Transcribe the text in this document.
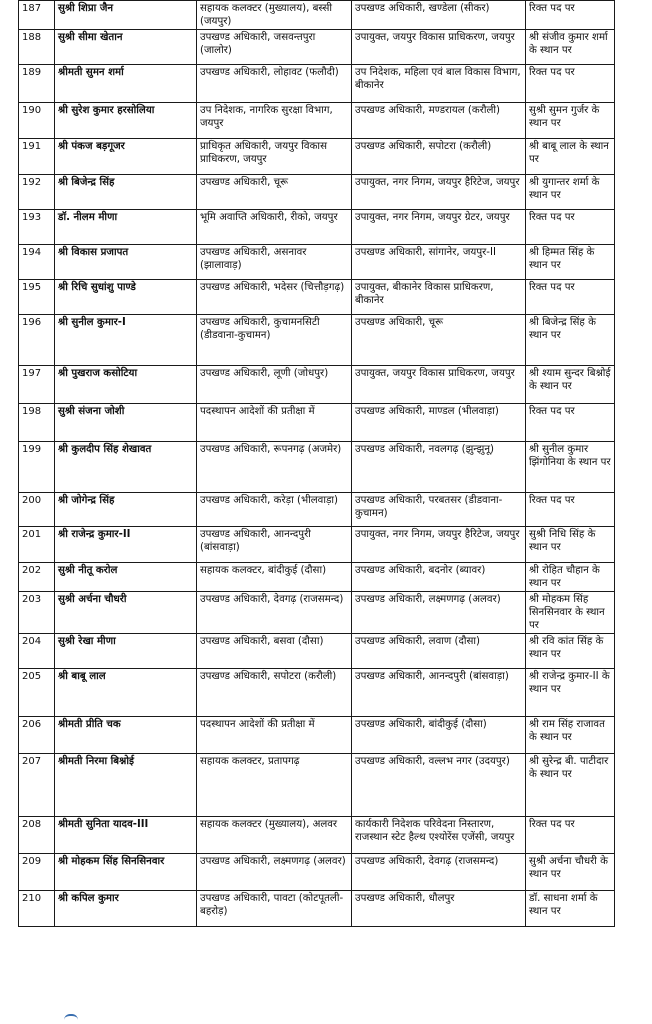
187	सुश्री शिप्रा जैन	सहायक कलक्टर (मुख्यालय), बस्सी (जयपुर)	उपखण्ड अधिकारी, खण्डेला (सीकर)	रिक्त पद पर
188	सुश्री सीमा खेतान	उपखण्ड अधिकारी, जसवन्तपुरा (जालोर)	उपायुक्त, जयपुर विकास प्राधिकरण, जयपुर	श्री संजीव कुमार शर्मा के स्थान पर
189	श्रीमती सुमन शर्मा	उपखण्ड अधिकारी, लोहावट (फलौदी)	उप निदेशक, महिला एवं बाल विकास विभाग, बीकानेर	रिक्त पद पर
190	श्री सुरेश कुमार हरसोलिया	उप निदेशक, नागरिक सुरक्षा विभाग, जयपुर	उपखण्ड अधिकारी, मण्डरायल (करौली)	सुश्री सुमन गुर्जर के स्थान पर
191	श्री पंकज बड़गूजर	प्राधिकृत अधिकारी, जयपुर विकास प्राधिकरण, जयपुर	उपखण्ड अधिकारी, सपोटरा (करौली)	श्री बाबू लाल के स्थान पर
192	श्री बिजेन्द्र सिंह	उपखण्ड अधिकारी, चूरू	उपायुक्त, नगर निगम, जयपुर हैरिटेज, जयपुर	श्री युगान्तर शर्मा के स्थान पर
193	डॉ. नीलम मीणा	भूमि अवाप्ति अधिकारी, रीको, जयपुर	उपायुक्त, नगर निगम, जयपुर ग्रेटर, जयपुर	रिक्त पद पर
194	श्री विकास प्रजापत	उपखण्ड अधिकारी, असनावर (झालावाड़)	उपखण्ड अधिकारी, सांगानेर, जयपुर-II	श्री हिम्मत सिंह के स्थान पर
195	श्री रिचि सुधांशु पाण्डे	उपखण्ड अधिकारी, भदेसर (चित्तौड़गढ़)	उपायुक्त, बीकानेर विकास प्राधिकरण, बीकानेर	रिक्त पद पर
196	श्री सुनील कुमार-I	उपखण्ड अधिकारी, कुचामनसिटी (डीडवाना-कुचामन)	उपखण्ड अधिकारी, चूरू	श्री बिजेन्द्र सिंह के स्थान पर
197	श्री पुखराज कसोटिया	उपखण्ड अधिकारी, लूणी (जोधपुर)	उपायुक्त, जयपुर विकास प्राधिकरण, जयपुर	श्री श्याम सुन्दर बिश्नोई के स्थान पर
198	सुश्री संजना जोशी	पदस्थापन आदेशों की प्रतीक्षा में	उपखण्ड अधिकारी, माण्डल (भीलवाड़ा)	रिक्त पद पर
199	श्री कुलदीप सिंह शेखावत	उपखण्ड अधिकारी, रूपनगढ़ (अजमेर)	उपखण्ड अधिकारी, नवलगढ़ (झुन्झुनू)	श्री सुनील कुमार झिंगोनिया के स्थान पर
200	श्री जोगेन्द्र सिंह	उपखण्ड अधिकारी, करेड़ा (भीलवाड़ा)	उपखण्ड अधिकारी, परबतसर (डीडवाना-कुचामन)	रिक्त पद पर
201	श्री राजेन्द्र कुमार-II	उपखण्ड अधिकारी, आनन्दपुरी (बांसवाड़ा)	उपायुक्त, नगर निगम, जयपुर हैरिटेज, जयपुर	सुश्री निधि सिंह के स्थान पर
202	सुश्री नीतू करोल	सहायक कलक्टर, बांदीकुई (दौसा)	उपखण्ड अधिकारी, बदनोर (ब्यावर)	श्री रोहित चौहान के स्थान पर
203	सुश्री अर्चना चौधरी	उपखण्ड अधिकारी, देवगढ़ (राजसमन्द)	उपखण्ड अधिकारी, लक्ष्मणगढ़ (अलवर)	श्री मोहकम सिंह सिनसिनवार के स्थान पर
204	सुश्री रेखा मीणा	उपखण्ड अधिकारी, बसवा (दौसा)	उपखण्ड अधिकारी, लवाण (दौसा)	श्री रवि कांत सिंह के स्थान पर
205	श्री बाबू लाल	उपखण्ड अधिकारी, सपोटरा (करौली)	उपखण्ड अधिकारी, आनन्दपुरी (बांसवाड़ा)	श्री राजेन्द्र कुमार-II के स्थान पर
206	श्रीमती प्रीति चक	पदस्थापन आदेशों की प्रतीक्षा में	उपखण्ड अधिकारी, बांदीकुई (दौसा)	श्री राम सिंह राजावत के स्थान पर
207	श्रीमती निरमा बिश्नोई	सहायक कलक्टर, प्रतापगढ़	उपखण्ड अधिकारी, वल्लभ नगर (उदयपुर)	श्री सुरेन्द्र बी. पाटीदार के स्थान पर
208	श्रीमती सुनिता यादव-III	सहायक कलक्टर (मुख्यालय), अलवर	कार्यकारी निदेशक परिवेदना निस्तारण, राजस्थान स्टेट हैल्थ एश्योरेंस एजेंसी, जयपुर	रिक्त पद पर
209	श्री मोहकम सिंह सिनसिनवार	उपखण्ड अधिकारी, लक्ष्मणगढ़ (अलवर)	उपखण्ड अधिकारी, देवगढ़ (राजसमन्द)	सुश्री अर्चना चौधरी के स्थान पर
210	श्री कपिल कुमार	उपखण्ड अधिकारी, पावटा (कोटपूतली-बहरोड़)	उपखण्ड अधिकारी, धौलपुर	डॉ. साधना शर्मा के स्थान पर
